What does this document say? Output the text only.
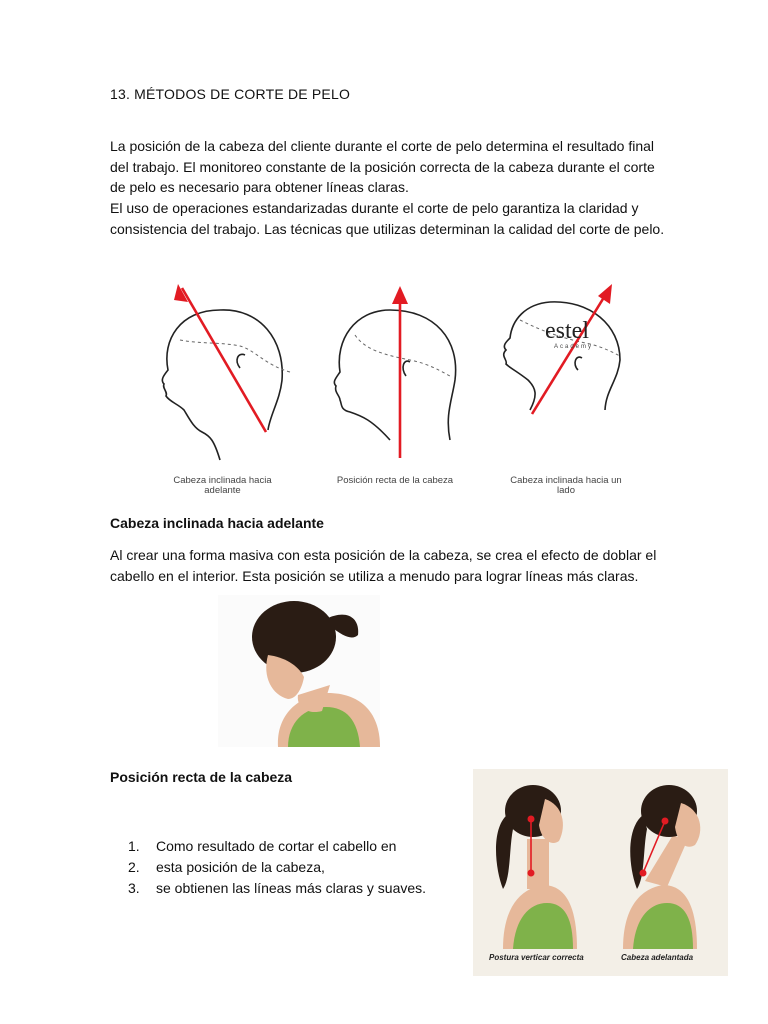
13. MÉTODOS DE CORTE DE PELO

La posición de la cabeza del cliente durante el corte de pelo determina el resultado final del trabajo. El monitoreo constante de la posición correcta de la cabeza durante el corte de pelo es necesario para obtener líneas claras.

El uso de operaciones estandarizadas durante el corte de pelo garantiza la claridad y consistencia del trabajo. Las técnicas que utilizas determinan la calidad del corte de pelo.

estel
Academy
Cabeza inclinada hacia adelante
Posición recta de la cabeza	Cabeza inclinada hacia un lado
Cabeza inclinada hacia adelante
Al crear una forma masiva con esta posición de la cabeza, se crea el efecto de doblar el cabello en el interior. Esta posición se utiliza a menudo para lograr líneas más claras.
Posición recta de la cabeza
1.	Como resultado de cortar el cabello en
2.	esta posición de la cabeza,
3.	se obtienen las líneas más claras y suaves.
Postura verticar correcta	Cabeza adelantada
